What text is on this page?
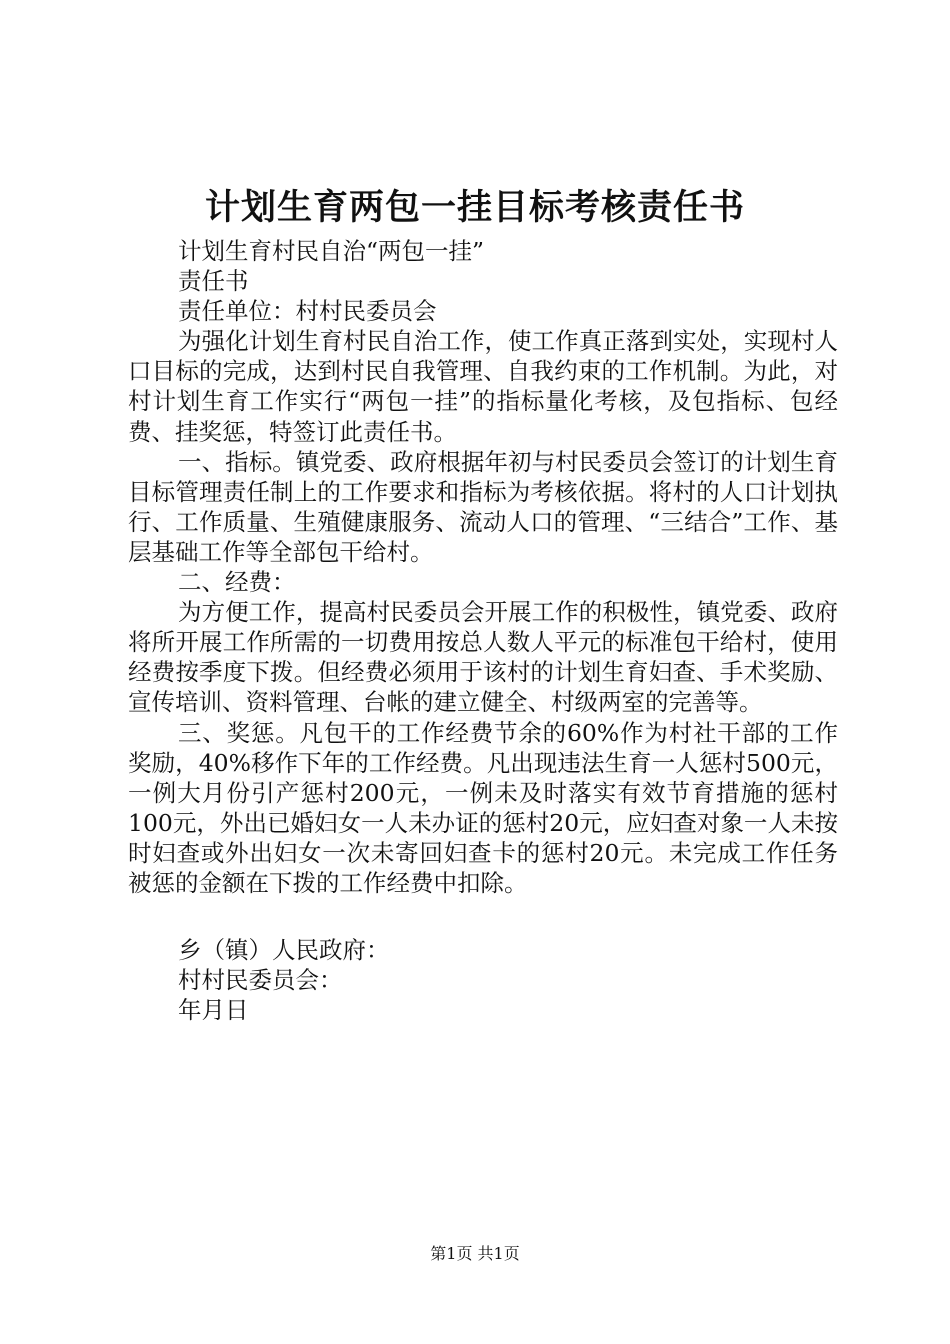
计划生育两包一挂目标考核责任书
计划生育村民自治“两包一挂”
责任书
责任单位：村村民委员会

为强化计划生育村民自治工作，使工作真正落到实处，实现村人口目标的完成，达到村民自我管理、自我约束的工作机制。为此，对村计划生育工作实行“两包一挂”的指标量化考核，及包指标、包经费、挂奖惩，特签订此责任书。

一、指标。镇党委、政府根据年初与村民委员会签订的计划生育目标管理责任制上的工作要求和指标为考核依据。将村的人口计划执行、工作质量、生殖健康服务、流动人口的管理、“三结合”工作、基层基础工作等全部包干给村。

二、经费：

为方便工作，提高村民委员会开展工作的积极性，镇党委、政府将所开展工作所需的一切费用按总人数人平元的标准包干给村，使用经费按季度下拨。但经费必须用于该村的计划生育妇查、手术奖励、宣传培训、资料管理、台帐的建立健全、村级两室的完善等。

三、奖惩。凡包干的工作经费节余的60%作为村社干部的工作奖励，40%移作下年的工作经费。凡出现违法生育一人惩村500元，一例大月份引产惩村200元，一例未及时落实有效节育措施的惩村100元，外出已婚妇女一人未办证的惩村20元，应妇查对象一人未按时妇查或外出妇女一次未寄回妇查卡的惩村20元。未完成工作任务被惩的金额在下拨的工作经费中扣除。

乡（镇）人民政府：
村村民委员会：
年月日
第1页 共1页
